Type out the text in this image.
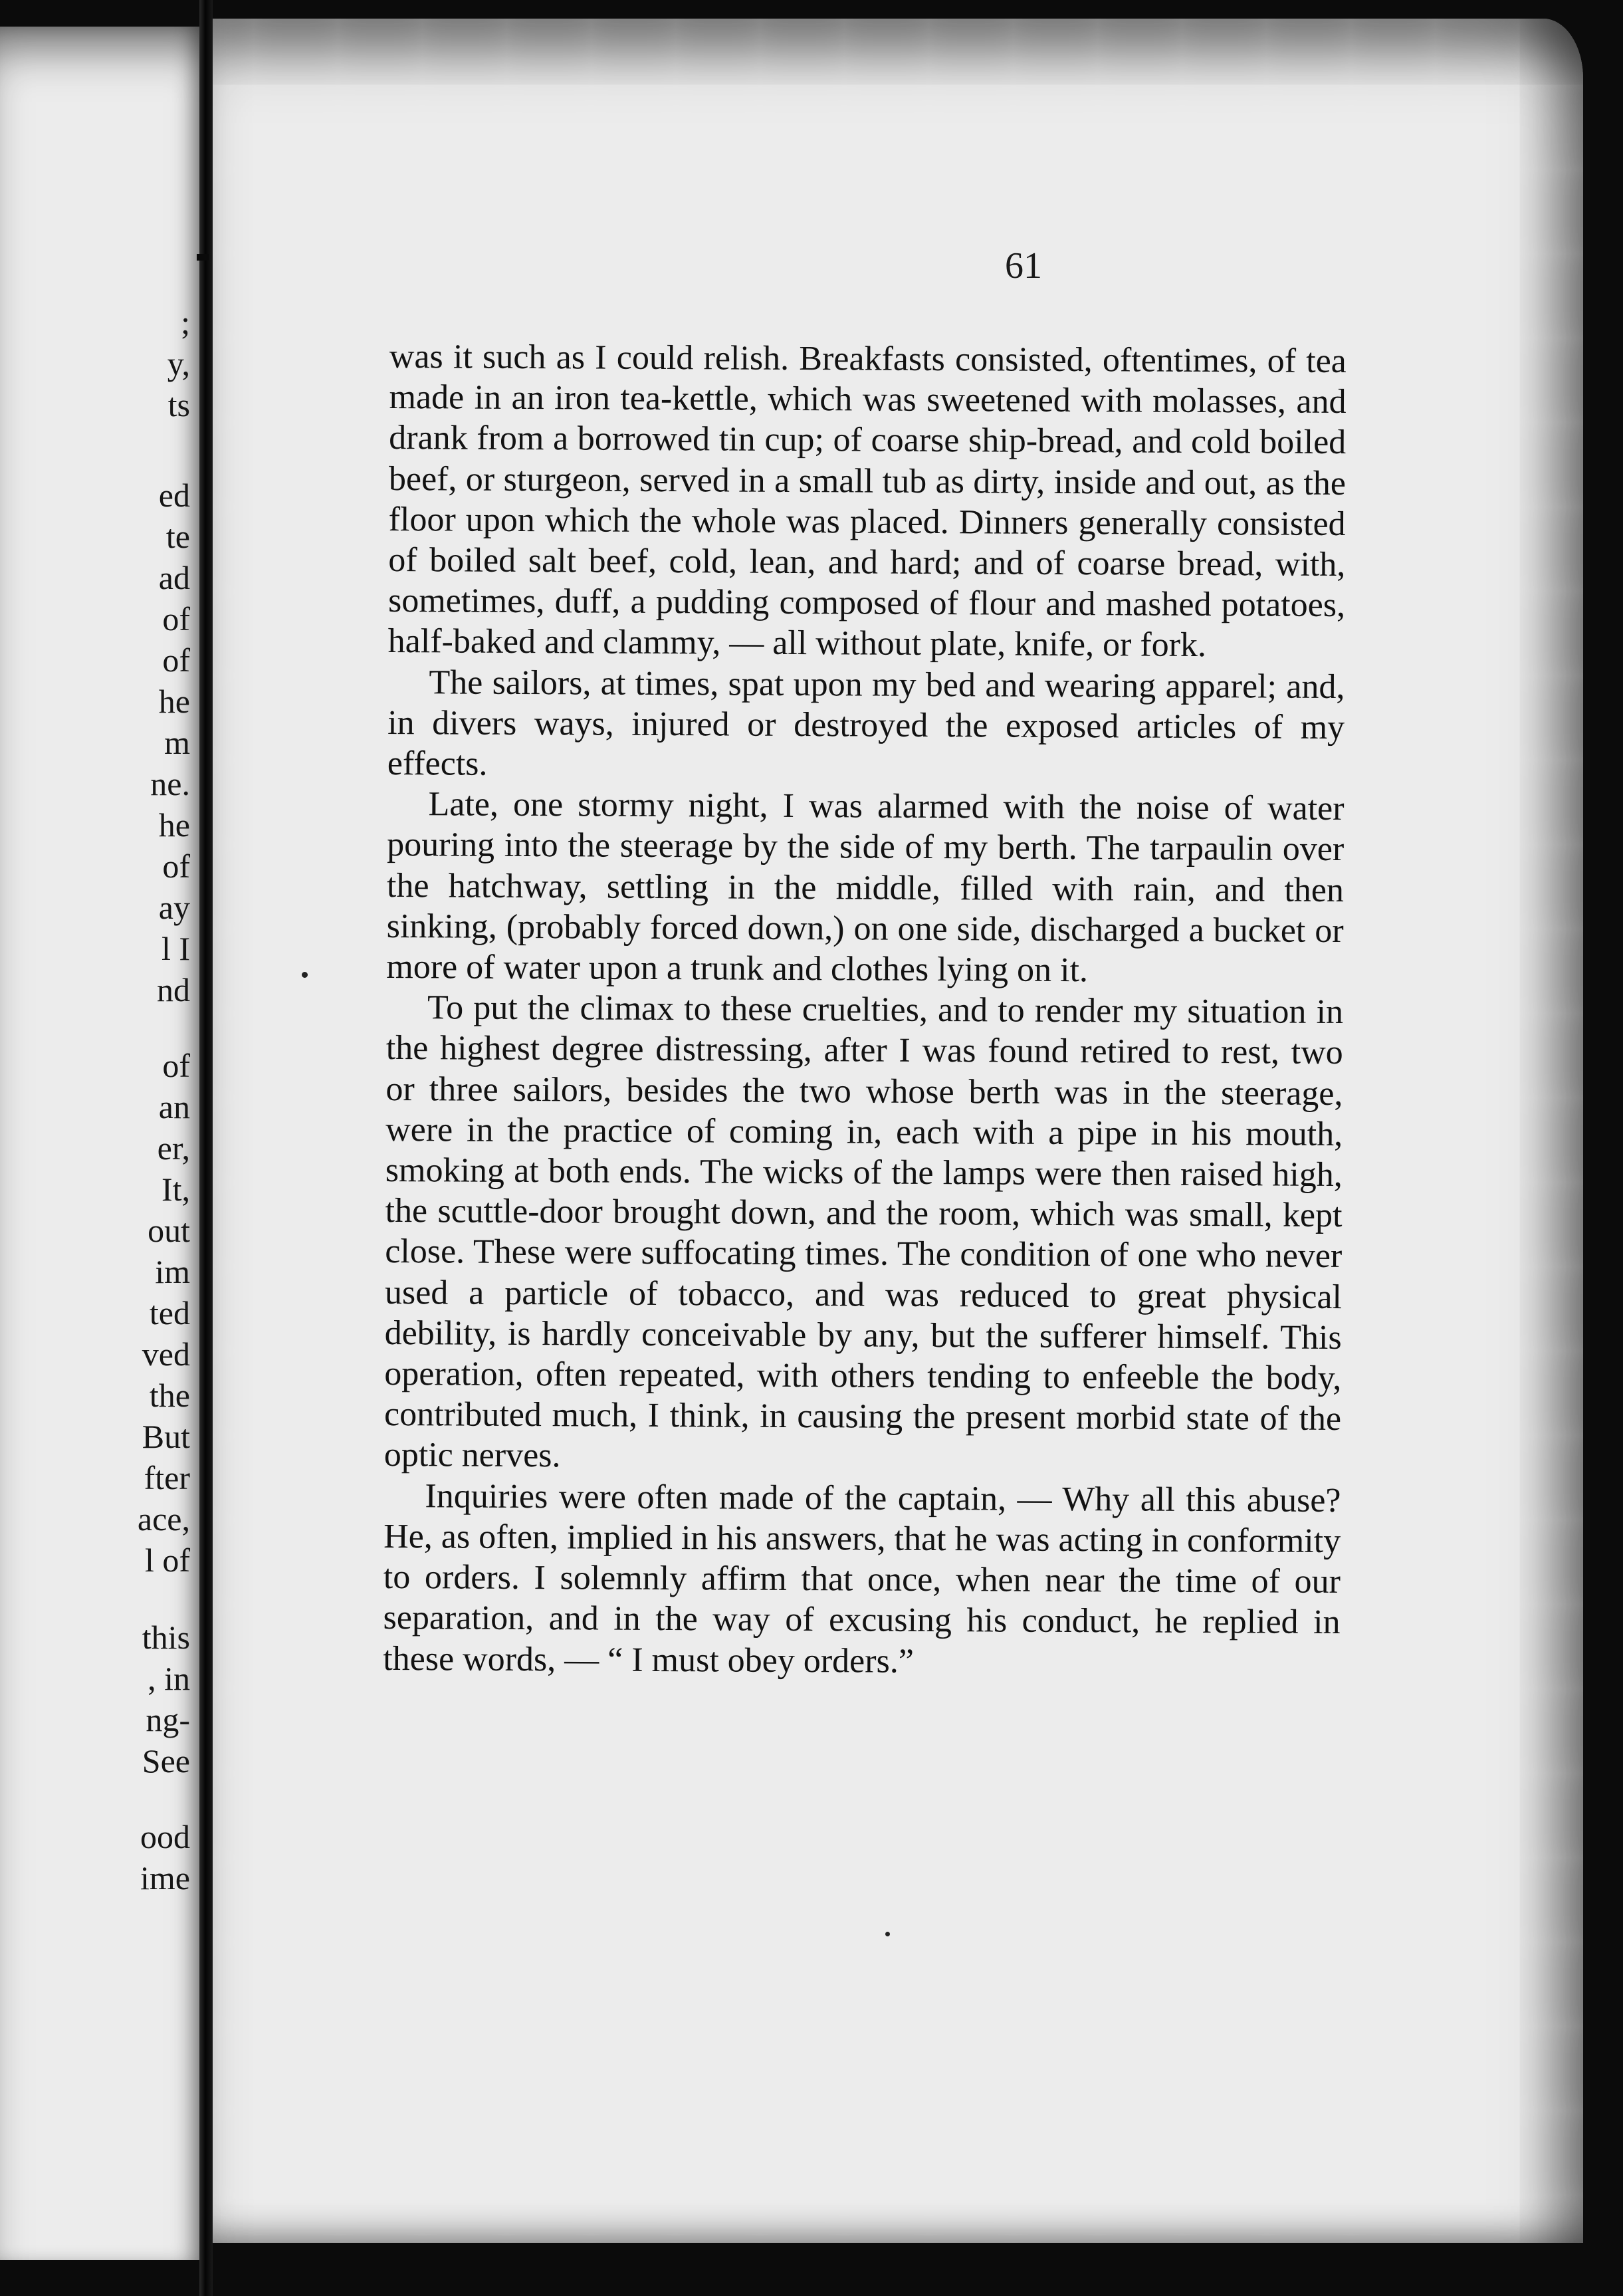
;
y,
ts
ed
te
ad
of
of
he
m
ne.
he
of
ay
l I
nd
of
an
er,
It,
out
im
ted
ved
the
But
fter
ace,
l of
this
, in
ng-
See
ood
ime
61

was it such as I could relish. Breakfasts consisted, oftentimes, of tea made in an iron tea-kettle, which was sweetened with molasses, and drank from a borrowed tin cup; of coarse ship-bread, and cold boiled beef, or sturgeon, served in a small tub as dirty, inside and out, as the floor upon which the whole was placed. Dinners generally consisted of boiled salt beef, cold, lean, and hard; and of coarse bread, with, sometimes, duff, a pudding composed of flour and mashed potatoes, half-baked and clammy, — all without plate, knife, or fork.

The sailors, at times, spat upon my bed and wearing apparel; and, in divers ways, injured or destroyed the exposed articles of my effects.

Late, one stormy night, I was alarmed with the noise of water pouring into the steerage by the side of my berth. The tarpaulin over the hatchway, settling in the middle, filled with rain, and then sinking, (probably forced down,) on one side, discharged a bucket or more of water upon a trunk and clothes lying on it.

To put the climax to these cruelties, and to render my situation in the highest degree distressing, after I was found retired to rest, two or three sailors, besides the two whose berth was in the steerage, were in the practice of coming in, each with a pipe in his mouth, smoking at both ends. The wicks of the lamps were then raised high, the scuttle-door brought down, and the room, which was small, kept close. These were suffocating times. The condition of one who never used a particle of tobacco, and was reduced to great physical debility, is hardly conceivable by any, but the sufferer himself. This operation, often repeated, with others tending to enfeeble the body, contributed much, I think, in causing the present morbid state of the optic nerves.

Inquiries were often made of the captain, — Why all this abuse? He, as often, implied in his answers, that he was acting in conformity to orders. I solemnly affirm that once, when near the time of our separation, and in the way of excusing his conduct, he replied in these words, — “ I must obey orders.”
